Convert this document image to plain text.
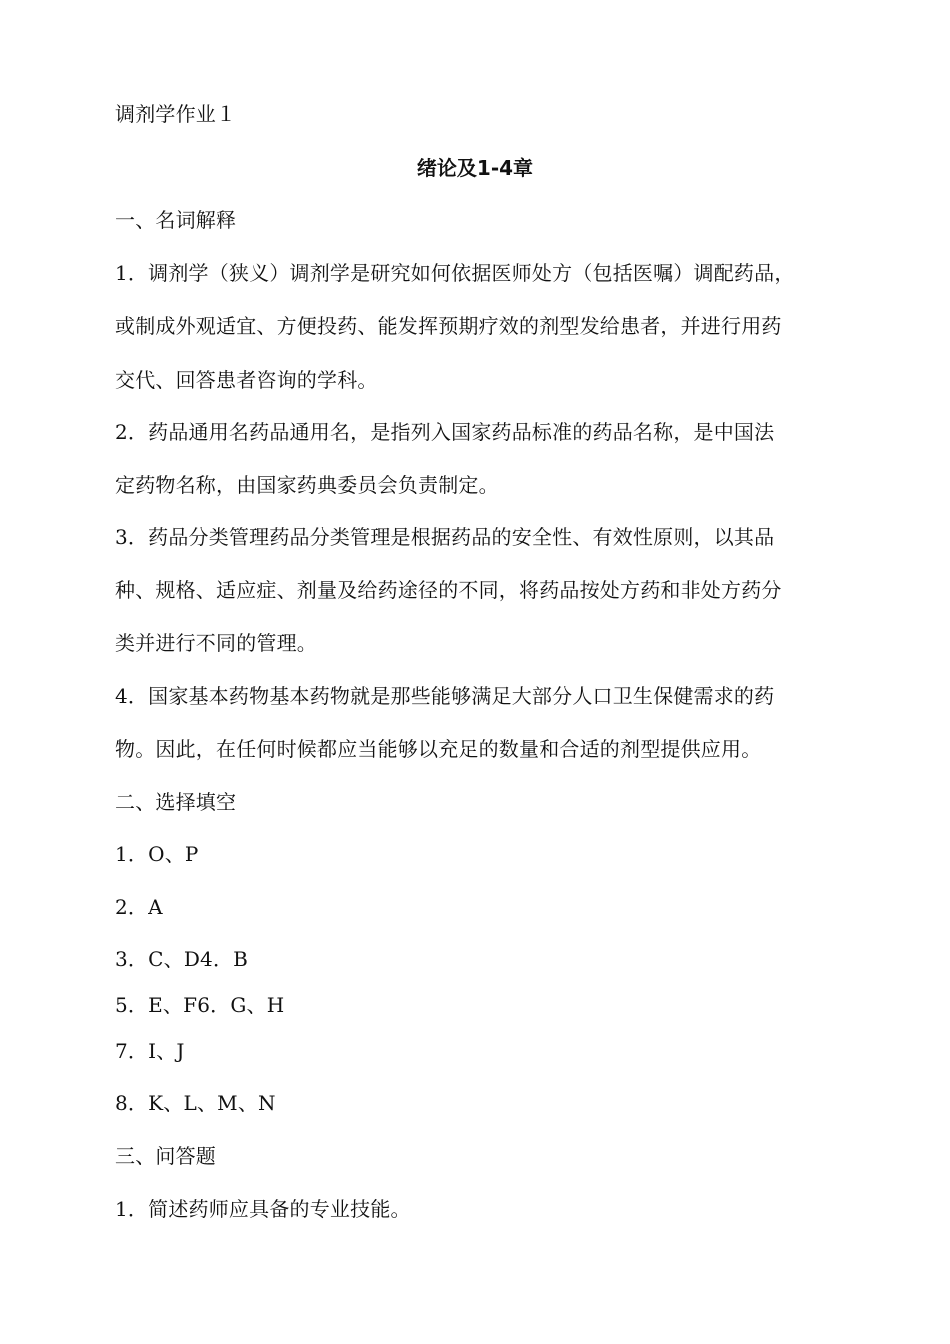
调剂学作业１
绪论及1-4章
一、名词解释
1．调剂学（狭义）调剂学是研究如何依据医师处方（包括医嘱）调配药品，
或制成外观适宜、方便投药、能发挥预期疗效的剂型发给患者，并进行用药
交代、回答患者咨询的学科。
2．药品通用名药品通用名，是指列入国家药品标准的药品名称，是中国法
定药物名称，由国家药典委员会负责制定。
3．药品分类管理药品分类管理是根据药品的安全性、有效性原则，以其品
种、规格、适应症、剂量及给药途径的不同，将药品按处方药和非处方药分
类并进行不同的管理。
4．国家基本药物基本药物就是那些能够满足大部分人口卫生保健需求的药
物。因此，在任何时候都应当能够以充足的数量和合适的剂型提供应用。
二、选择填空
1．O、P
2．A
3．C、D4．B
5．E、F6．G、H
7．I、J
8．K、L、M、N
三、问答题
1．简述药师应具备的专业技能。
